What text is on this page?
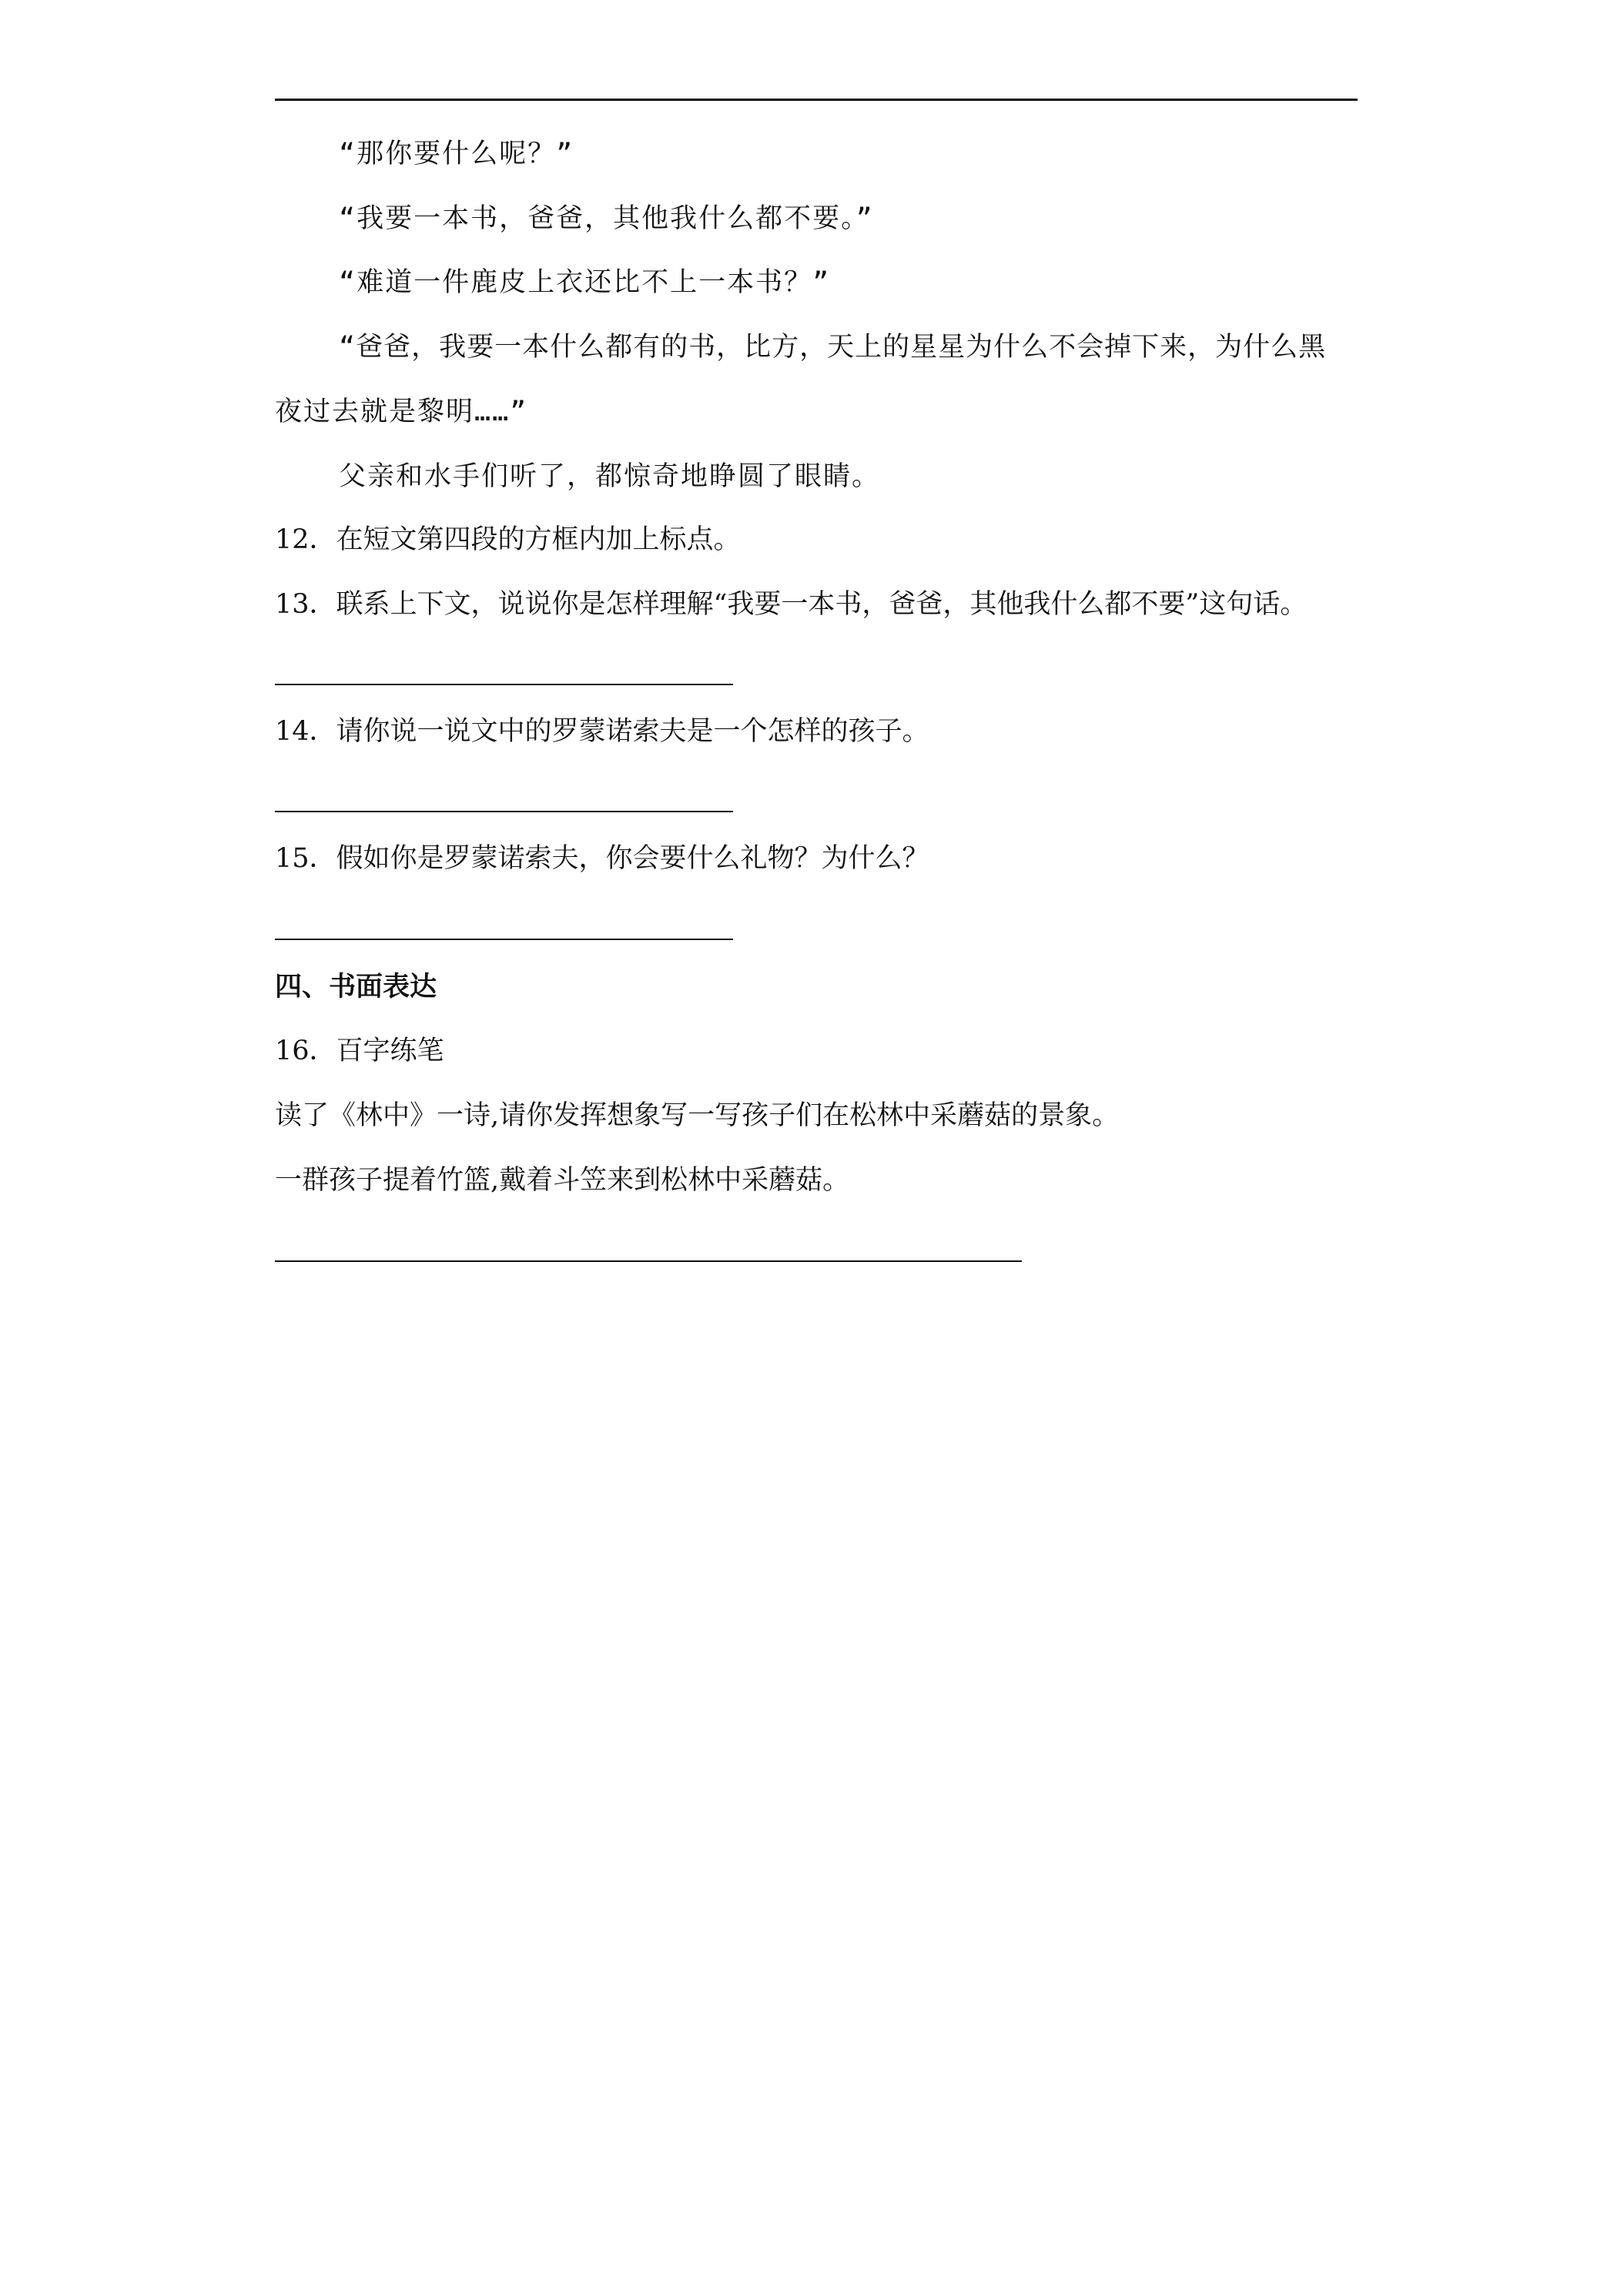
“那你要什么呢？”
“我要一本书，爸爸，其他我什么都不要。”
“难道一件鹿皮上衣还比不上一本书？”
“爸爸，我要一本什么都有的书，比方，天上的星星为什么不会掉下来，为什么黑
夜过去就是黎明……”
父亲和水手们听了，都惊奇地睁圆了眼睛。
12．在短文第四段的方框内加上标点。
13．联系上下文，说说你是怎样理解“我要一本书，爸爸，其他我什么都不要”这句话。
14．请你说一说文中的罗蒙诺索夫是一个怎样的孩子。
15．假如你是罗蒙诺索夫，你会要什么礼物？为什么？
四、书面表达
16．百字练笔
读了《林中》一诗,请你发挥想象写一写孩子们在松林中采蘑菇的景象。
一群孩子提着竹篮,戴着斗笠来到松林中采蘑菇。
